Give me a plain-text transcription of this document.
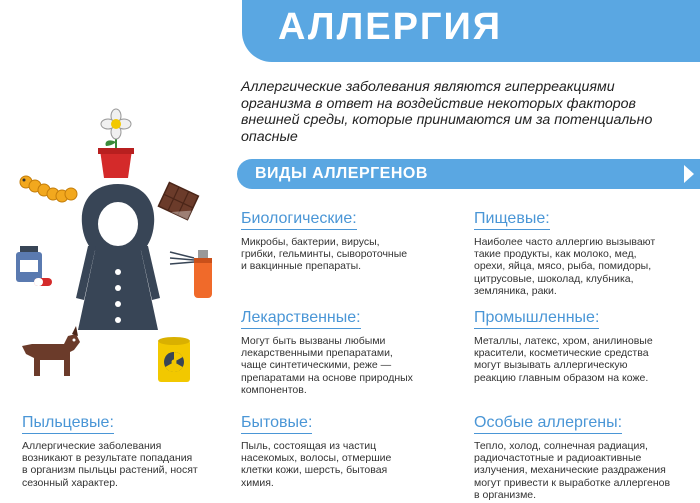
АЛЛЕРГИЯ
Аллергические заболевания являются гиперреакциями
организма в ответ на воздействие некоторых факторов
внешней среды, которые принимаются им за потенциально
опасные
ВИДЫ АЛЛЕРГЕНОВ
Биологические:
Микробы, бактерии, вирусы,
грибки, гельминты, сывороточные
и вакцинные препараты.
Пищевые:
Наиболее часто аллергию вызывают
такие продукты, как молоко, мед,
орехи, яйца, мясо, рыба, помидоры,
цитрусовые, шоколад, клубника,
земляника, раки.
Лекарственные:
Могут быть вызваны любыми
лекарственными препаратами,
чаще синтетическими, реже —
препаратами на основе природных
компонентов.
Промышленные:
Металлы, латекс, хром, анилиновые
красители, косметические средства
могут вызывать аллергическую
реакцию главным образом на коже.
Пыльцевые:
Аллергические заболевания
возникают в результате попадания
в организм пыльцы растений, носят
сезонный характер.
Бытовые:
Пыль, состоящая из частиц
насекомых, волосы, отмершие
клетки кожи, шерсть, бытовая
химия.
Особые аллергены:
Тепло, холод, солнечная радиация,
радиочастотные и радиоактивные
излучения, механические раздражения
могут привести к выработке аллергенов
в организме.
